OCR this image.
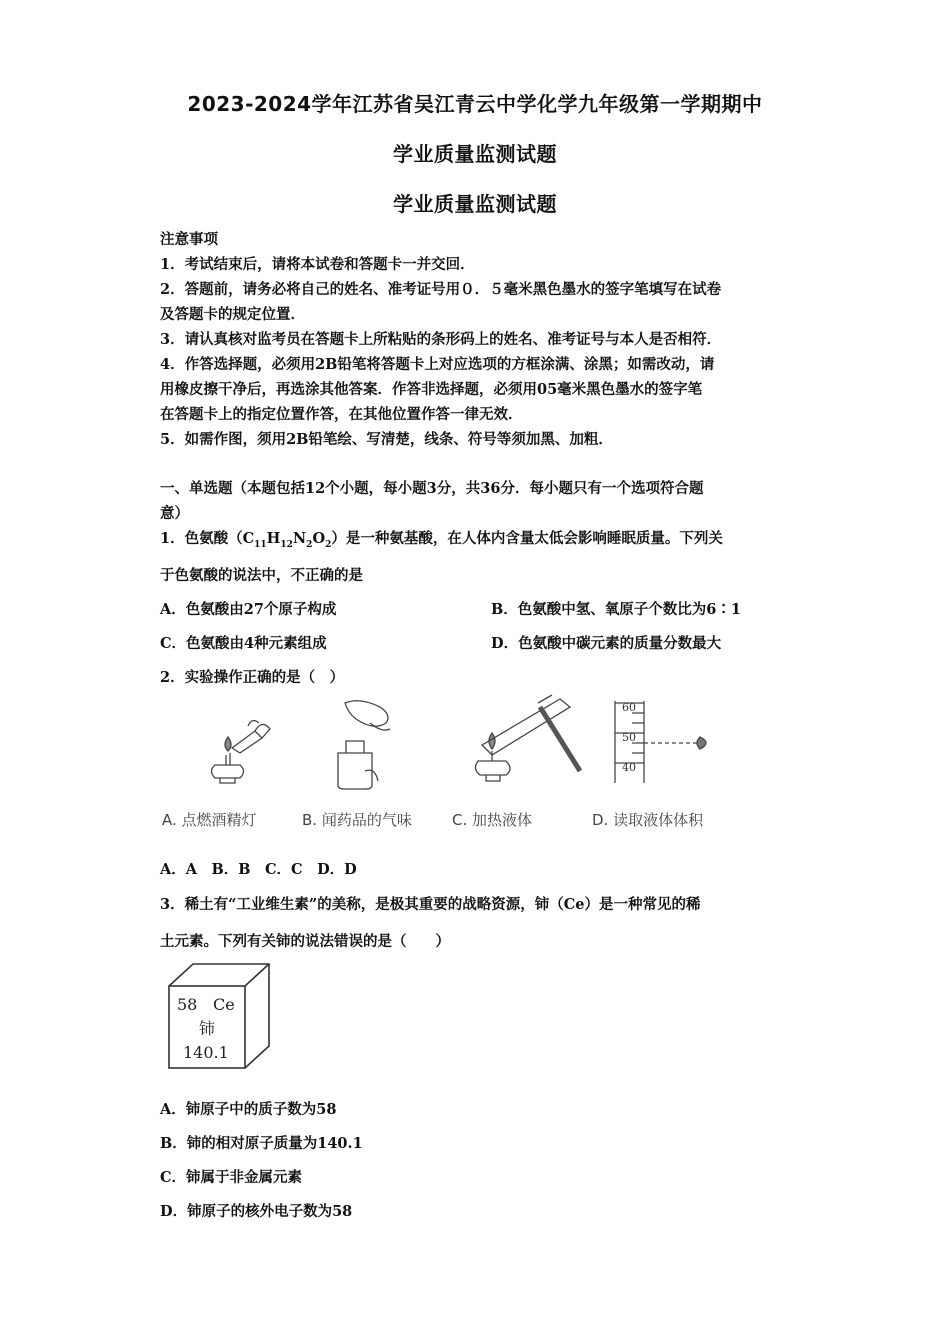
2023-2024学年江苏省吴江青云中学化学九年级第一学期期中
学业质量监测试题
学业质量监测试题
注意事项
1．考试结束后，请将本试卷和答题卡一并交回．
2．答题前，请务必将自己的姓名、准考证号用０．５毫米黑色墨水的签字笔填写在试卷
及答题卡的规定位置．
3．请认真核对监考员在答题卡上所粘贴的条形码上的姓名、准考证号与本人是否相符．
4．作答选择题，必须用2B铅笔将答题卡上对应选项的方框涂满、涂黑；如需改动，请
用橡皮擦干净后，再选涂其他答案．作答非选择题，必须用05毫米黑色墨水的签字笔
在答题卡上的指定位置作答，在其他位置作答一律无效．
5．如需作图，须用2B铅笔绘、写清楚，线条、符号等须加黑、加粗．
一、单选题（本题包括12个小题，每小题3分，共36分．每小题只有一个选项符合题
意）
1．色氨酸$(C_{11}H_{12}N_2O_2)$是一种氨基酸，在人体内含量太低会影响睡眠质量。下列关
于色氨酸的说法中，不正确的是
A．色氨酸由27个原子构成	B．色氨酸中氢、氧原子个数比为6∶1
C．色氨酸由4种元素组成	D．色氨酸中碳元素的质量分数最大
2．实验操作正确的是（　）
60
50
40
A. 点燃酒精灯	B. 闻药品的气味	C. 加热液体	D. 读取液体体积
A．A　B．B　C．C　D．D
3．稀土有“工业维生素”的美称，是极其重要的战略资源，铈（Ce）是一种常见的稀
土元素。下列有关铈的说法错误的是（　　）
58 Ce
铈
140.1
A．铈原子中的质子数为58
B．铈的相对原子质量为140.1
C．铈属于非金属元素
D．铈原子的核外电子数为58
